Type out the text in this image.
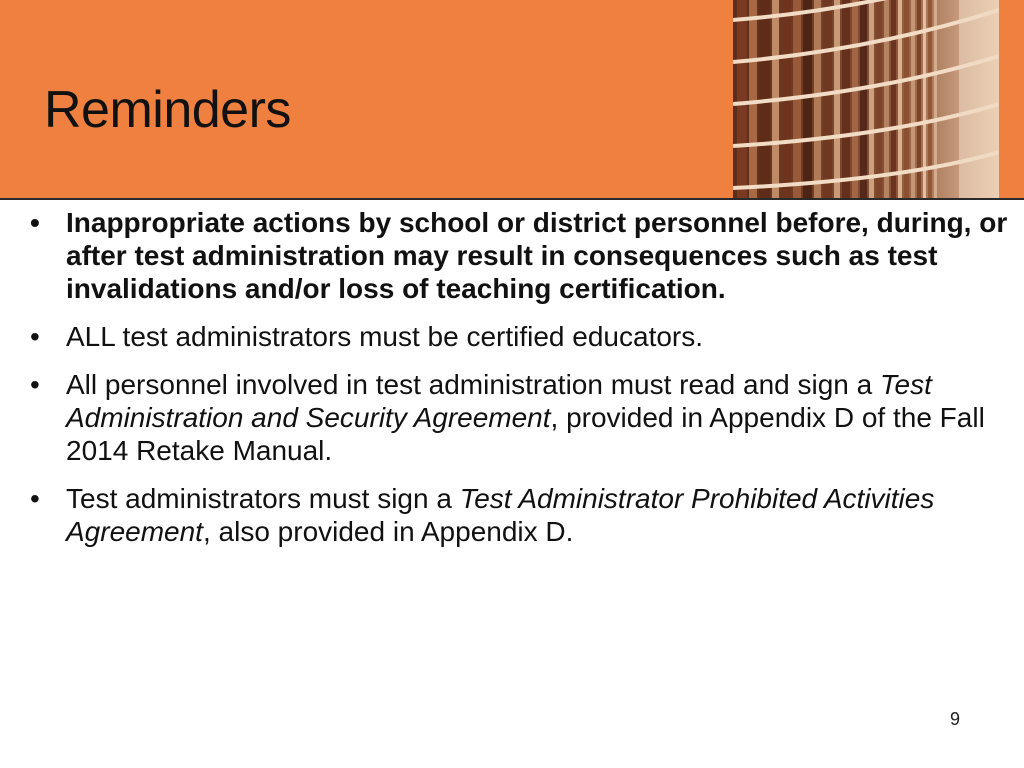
Reminders
• Inappropriate actions by school or district personnel before, during, or after test administration may result in consequences such as test invalidations and/or loss of teaching certification.
• ALL test administrators must be certified educators.
• All personnel involved in test administration must read and sign a Test Administration and Security Agreement, provided in Appendix D of the Fall 2014 Retake Manual.
• Test administrators must sign a Test Administrator Prohibited Activities Agreement, also provided in Appendix D.
9
